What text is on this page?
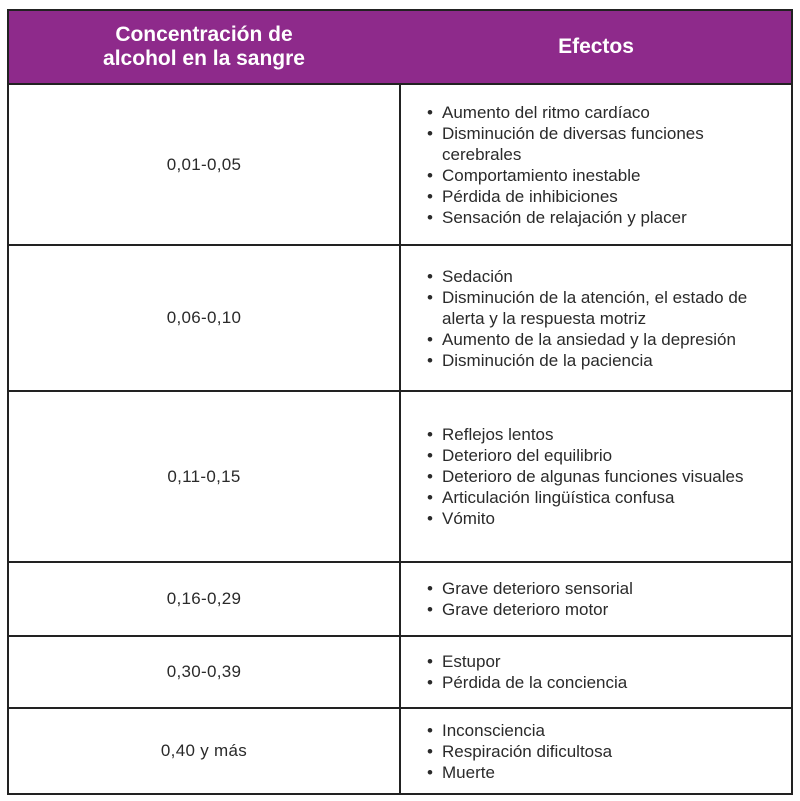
Concentración de
alcohol en la sangre
Efectos
0,01-0,05
• Aumento del ritmo cardíaco
• Disminución de diversas funciones cerebrales
• Comportamiento inestable
• Pérdida de inhibiciones
• Sensación de relajación y placer
0,06-0,10
• Sedación
• Disminución de la atención, el estado de alerta y la respuesta motriz
• Aumento de la ansiedad y la depresión
• Disminución de la paciencia
0,11-0,15
• Reflejos lentos
• Deterioro del equilibrio
• Deterioro de algunas funciones visuales
• Articulación lingüística confusa
• Vómito
0,16-0,29
• Grave deterioro sensorial
• Grave deterioro motor
0,30-0,39
• Estupor
• Pérdida de la conciencia
0,40 y más
• Inconsciencia
• Respiración dificultosa
• Muerte
